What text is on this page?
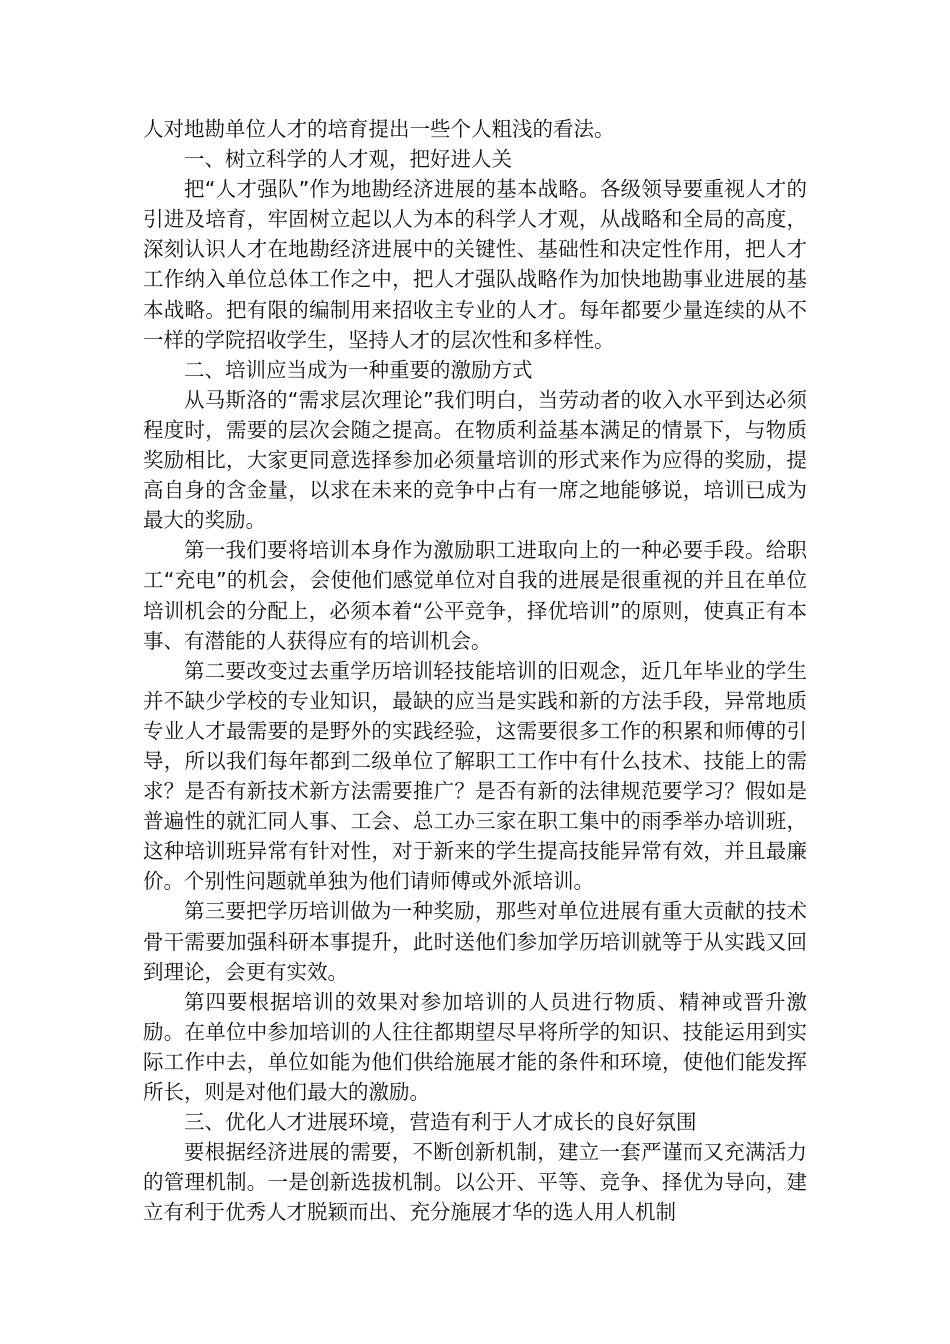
人对地勘单位人才的培育提出一些个人粗浅的看法。

一、树立科学的人才观，把好进人关

把“人才强队”作为地勘经济进展的基本战略。各级领导要重视人才的引进及培育，牢固树立起以人为本的科学人才观，从战略和全局的高度，深刻认识人才在地勘经济进展中的关键性、基础性和决定性作用，把人才工作纳入单位总体工作之中，把人才强队战略作为加快地勘事业进展的基本战略。把有限的编制用来招收主专业的人才。每年都要少量连续的从不一样的学院招收学生，坚持人才的层次性和多样性。

二、培训应当成为一种重要的激励方式

从马斯洛的“需求层次理论”我们明白，当劳动者的收入水平到达必须程度时，需要的层次会随之提高。在物质利益基本满足的情景下，与物质奖励相比，大家更同意选择参加必须量培训的形式来作为应得的奖励，提高自身的含金量，以求在未来的竞争中占有一席之地能够说，培训已成为最大的奖励。

第一我们要将培训本身作为激励职工进取向上的一种必要手段。给职工“充电”的机会，会使他们感觉单位对自我的进展是很重视的并且在单位培训机会的分配上，必须本着“公平竞争，择优培训”的原则，使真正有本事、有潜能的人获得应有的培训机会。

第二要改变过去重学历培训轻技能培训的旧观念，近几年毕业的学生并不缺少学校的专业知识，最缺的应当是实践和新的方法手段，异常地质专业人才最需要的是野外的实践经验，这需要很多工作的积累和师傅的引导，所以我们每年都到二级单位了解职工工作中有什么技术、技能上的需求？是否有新技术新方法需要推广？是否有新的法律规范要学习？假如是普遍性的就汇同人事、工会、总工办三家在职工集中的雨季举办培训班，这种培训班异常有针对性，对于新来的学生提高技能异常有效，并且最廉价。个别性问题就单独为他们请师傅或外派培训。

第三要把学历培训做为一种奖励，那些对单位进展有重大贡献的技术骨干需要加强科研本事提升，此时送他们参加学历培训就等于从实践又回到理论，会更有实效。

第四要根据培训的效果对参加培训的人员进行物质、精神或晋升激励。在单位中参加培训的人往往都期望尽早将所学的知识、技能运用到实际工作中去，单位如能为他们供给施展才能的条件和环境，使他们能发挥所长，则是对他们最大的激励。

三、优化人才进展环境，营造有利于人才成长的良好氛围

要根据经济进展的需要，不断创新机制，建立一套严谨而又充满活力的管理机制。一是创新选拔机制。以公开、平等、竞争、择优为导向，建立有利于优秀人才脱颖而出、充分施展才华的选人用人机制
